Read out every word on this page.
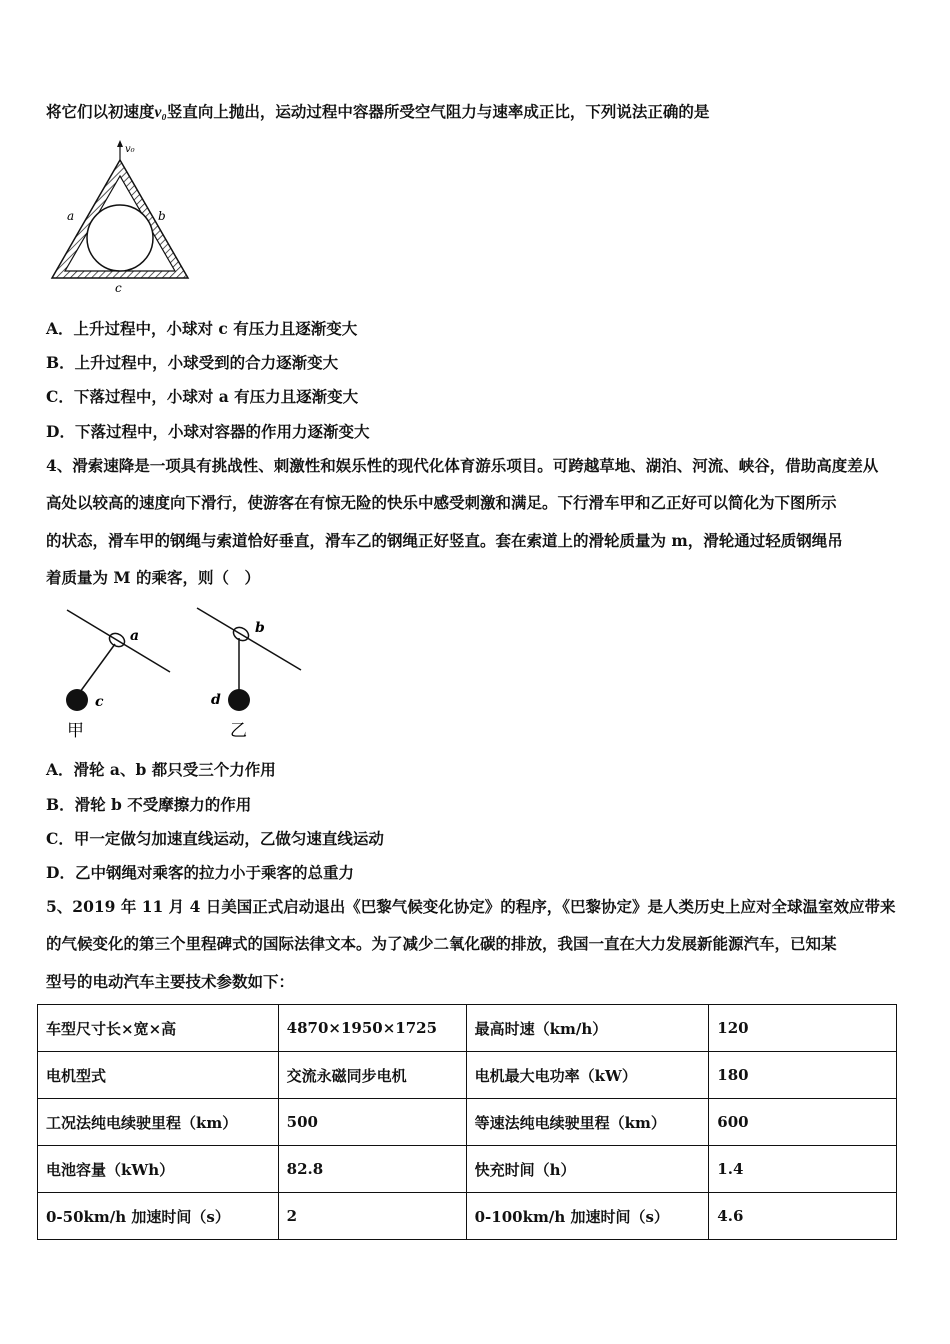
将它们以初速度v₀竖直向上抛出，运动过程中容器所受空气阻力与速率成正比，下列说法正确的是
v₀
a	b
c
A．上升过程中，小球对 c 有压力且逐渐变大
B．上升过程中，小球受到的合力逐渐变大
C．下落过程中，小球对 a 有压力且逐渐变大
D．下落过程中，小球对容器的作用力逐渐变大
4、滑索速降是一项具有挑战性、刺激性和娱乐性的现代化体育游乐项目。可跨越草地、湖泊、河流、峡谷，借助高度差从
高处以较高的速度向下滑行，使游客在有惊无险的快乐中感受刺激和满足。下行滑车甲和乙正好可以简化为下图所示
的状态，滑车甲的钢绳与索道恰好垂直，滑车乙的钢绳正好竖直。套在索道上的滑轮质量为 m，滑轮通过轻质钢绳吊
着质量为 M 的乘客，则（　）
a
c
甲
b
d
乙
A．滑轮 a、b 都只受三个力作用
B．滑轮 b 不受摩擦力的作用
C．甲一定做匀加速直线运动，乙做匀速直线运动
D．乙中钢绳对乘客的拉力小于乘客的总重力
5、2019 年 11 月 4 日美国正式启动退出《巴黎气候变化协定》的程序，《巴黎协定》是人类历史上应对全球温室效应带来
的气候变化的第三个里程碑式的国际法律文本。为了减少二氧化碳的排放，我国一直在大力发展新能源汽车，已知某
型号的电动汽车主要技术参数如下：
车型尺寸长×宽×高	4870×1950×1725	最高时速（km/h）	120
电机型式	交流永磁同步电机	电机最大电功率（kW）	180
工况法纯电续驶里程（km）	500	等速法纯电续驶里程（km）	600
电池容量（kWh）	82.8	快充时间（h）	1.4
0-50km/h 加速时间（s）	2	0-100km/h 加速时间（s）	4.6
